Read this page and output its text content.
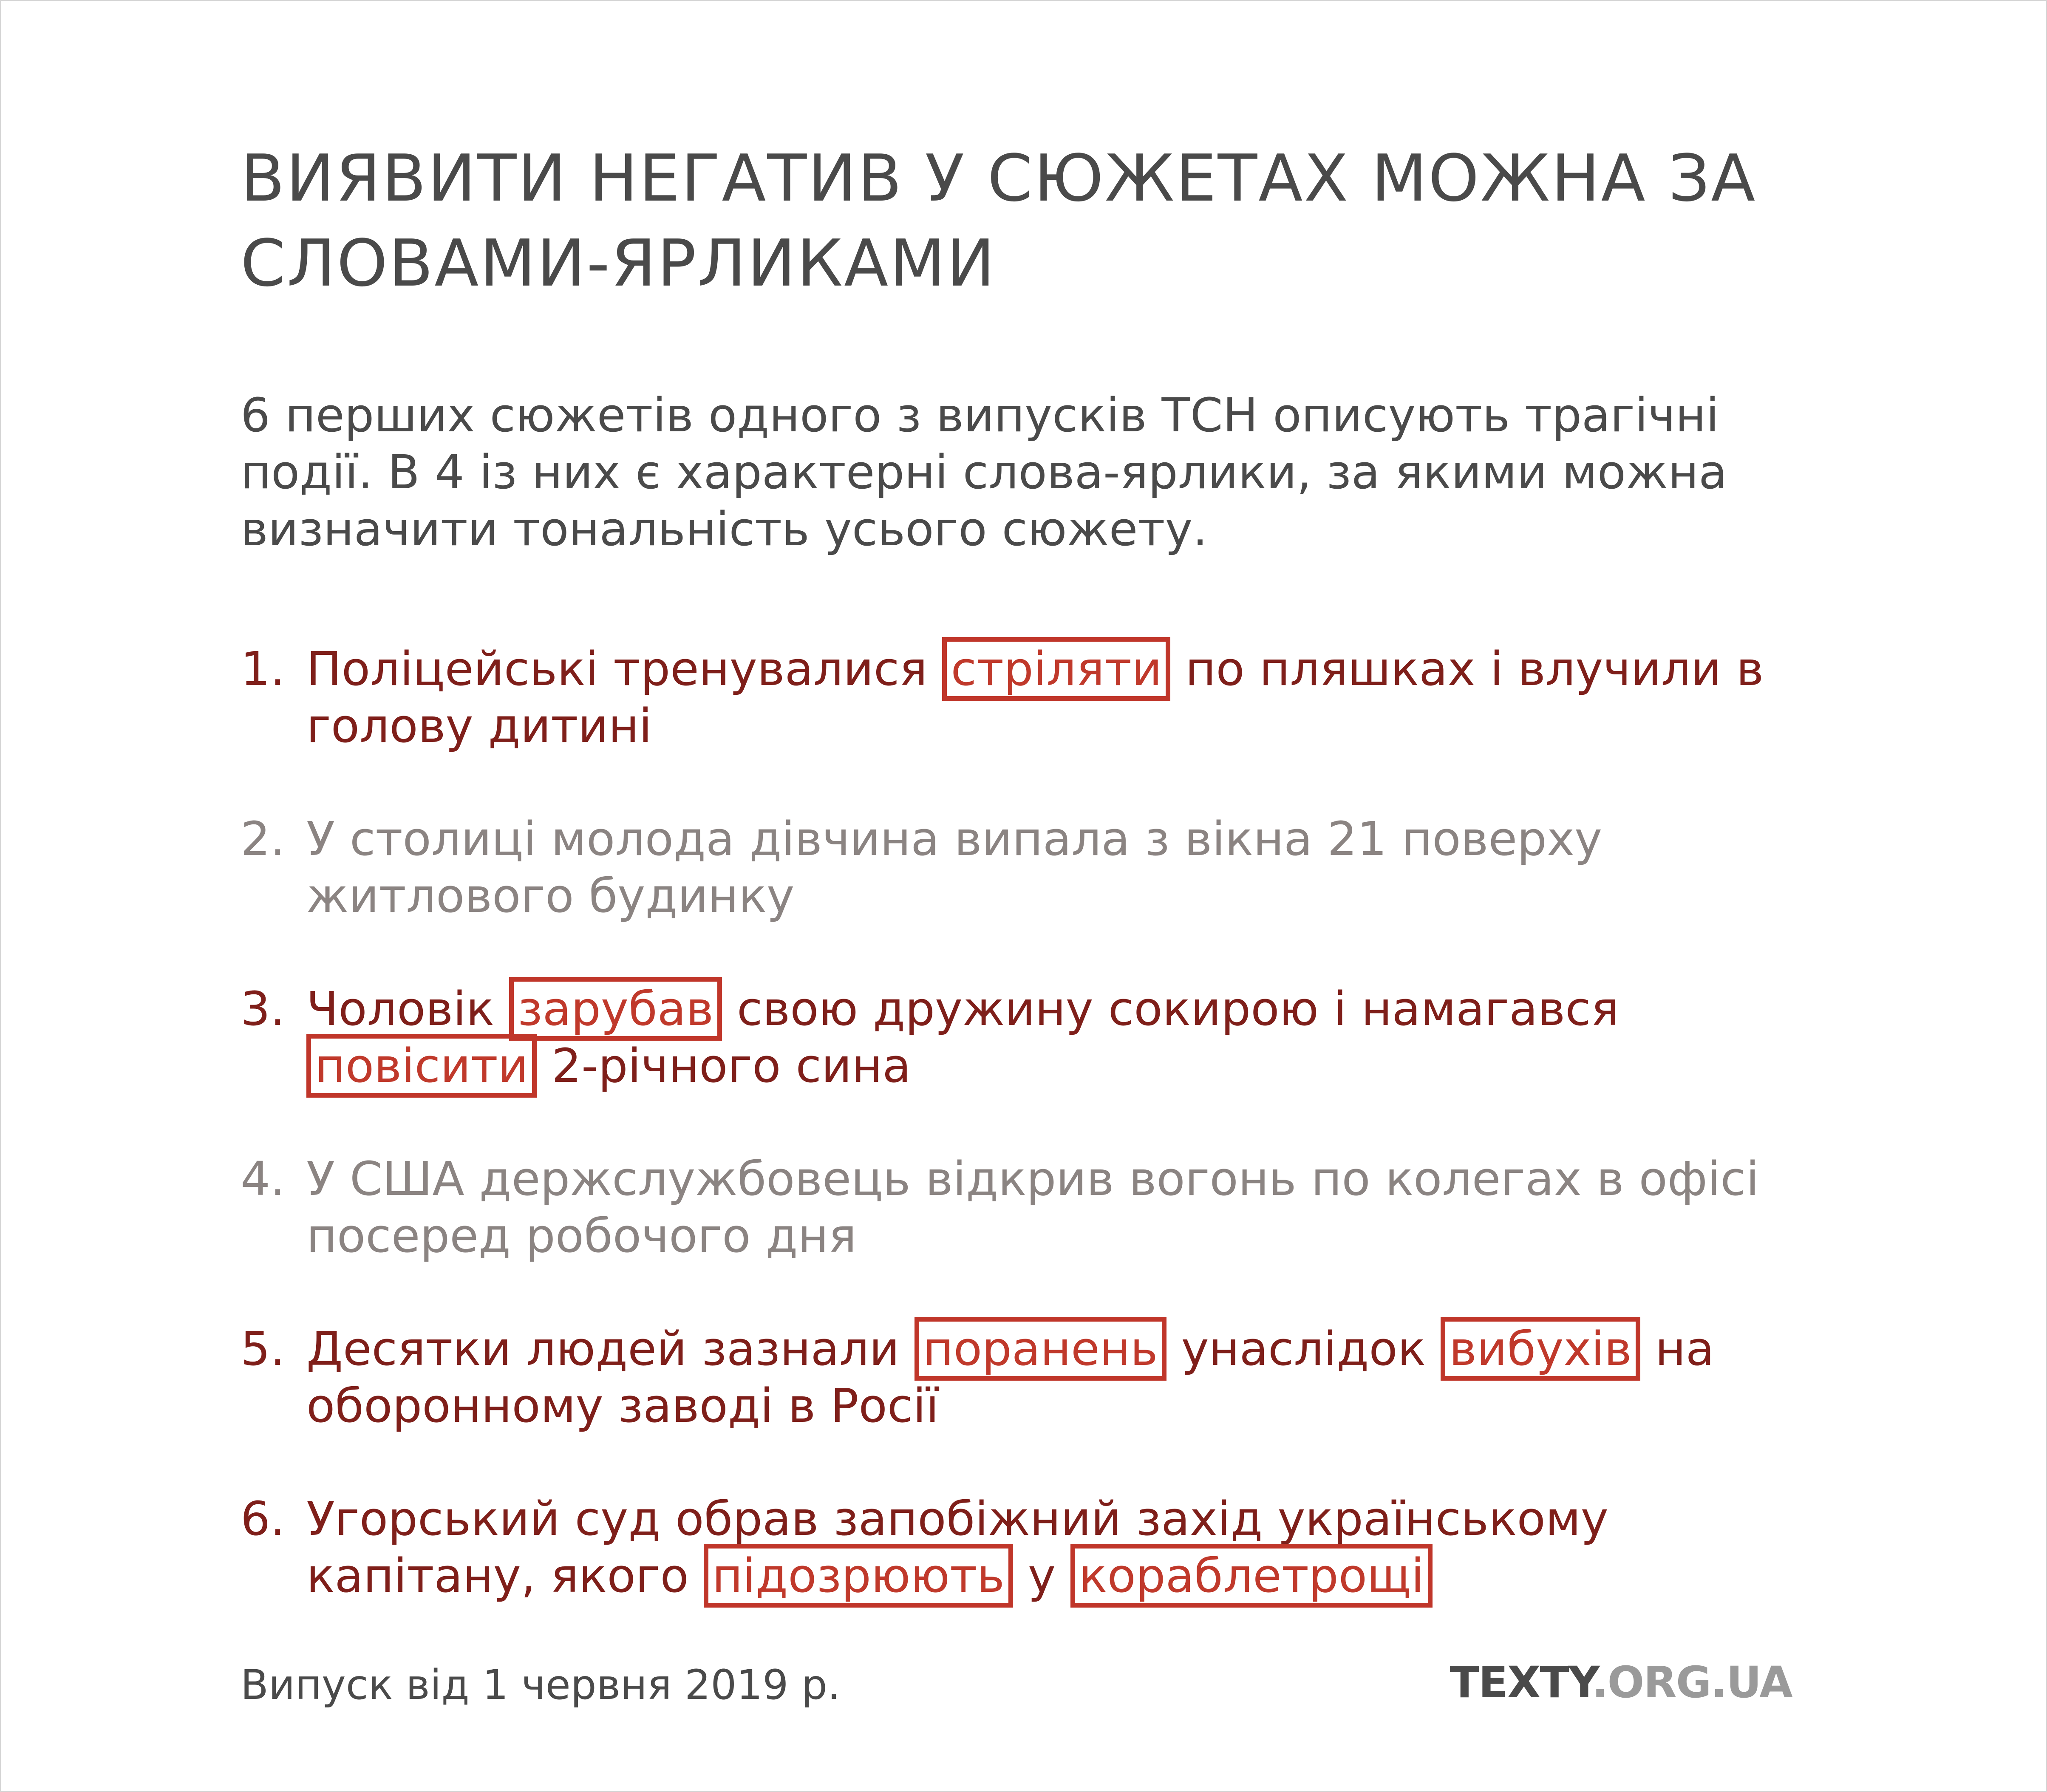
ВИЯВИТИ НЕГАТИВ У СЮЖЕТАХ МОЖНА ЗА СЛОВАМИ-ЯРЛИКАМИ

6 перших сюжетів одного з випусків ТСН описують трагічні події. В 4 із них є характерні слова-ярлики, за якими можна визначити тональність усього сюжету.

1. Поліцейські тренувалися стріляти по пляшках і влучили в голову дитині
2. У столиці молода дівчина випала з вікна 21 поверху житлового будинку
3. Чоловік зарубав свою дружину сокирою і намагався повісити 2-річного сина
4. У США держслужбовець відкрив вогонь по колегах в офісі посеред робочого дня
5. Десятки людей зазнали поранень унаслідок вибухів на оборонному заводі в Росії
6. Угорський суд обрав запобіжний захід українському капітану, якого підозрюють у кораблетрощі
Випуск від 1 червня 2019 р.	TEXTY.ORG.UA
